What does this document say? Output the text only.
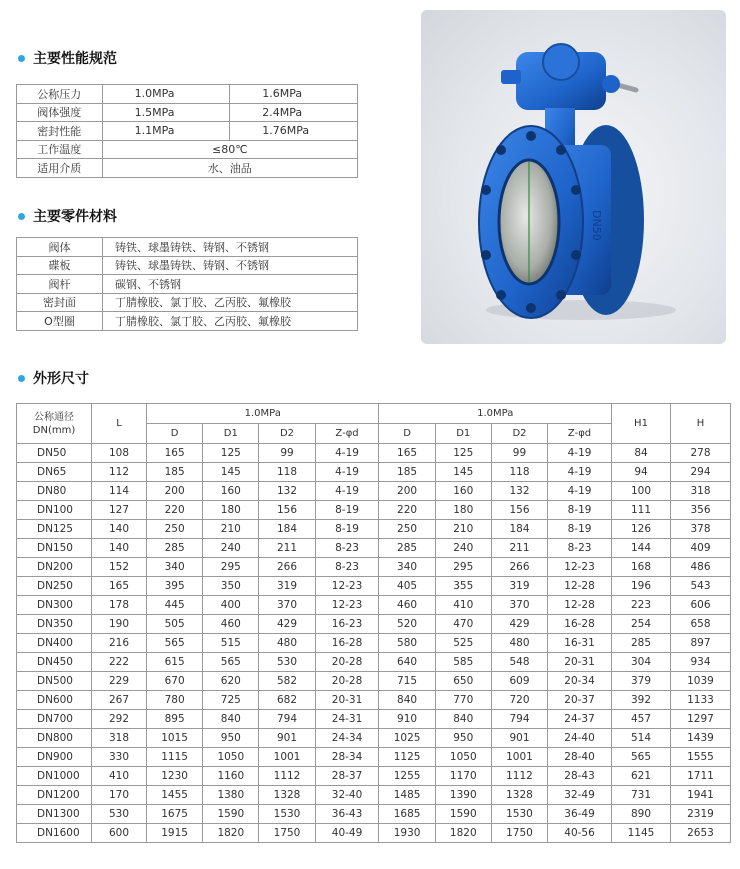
主要性能规范
公称压力	1.0MPa	1.6MPa
阀体强度	1.5MPa	2.4MPa
密封性能	1.1MPa	1.76MPa
工作温度	≤80℃	
适用介质	水、油品	
主要零件材料
阀体	铸铁、球墨铸铁、铸钢、不锈钢
碟板	铸铁、球墨铸铁、铸钢、不锈钢
阀杆	碳钢、不锈钢
密封面	丁腈橡胶、氯丁胶、乙丙胶、氟橡胶
O型圈	丁腈橡胶、氯丁胶、乙丙胶、氟橡胶
DN50
外形尺寸
公称通径
DN(mm)	L	1.0MPa				1.0MPa				H1	H
		D	D1	D2	Z-φd	D	D1	D2	Z-φd		
DN50	108	165	125	99	4-19	165	125	99	4-19	84	278
DN65	112	185	145	118	4-19	185	145	118	4-19	94	294
DN80	114	200	160	132	4-19	200	160	132	4-19	100	318
DN100	127	220	180	156	8-19	220	180	156	8-19	111	356
DN125	140	250	210	184	8-19	250	210	184	8-19	126	378
DN150	140	285	240	211	8-23	285	240	211	8-23	144	409
DN200	152	340	295	266	8-23	340	295	266	12-23	168	486
DN250	165	395	350	319	12-23	405	355	319	12-28	196	543
DN300	178	445	400	370	12-23	460	410	370	12-28	223	606
DN350	190	505	460	429	16-23	520	470	429	16-28	254	658
DN400	216	565	515	480	16-28	580	525	480	16-31	285	897
DN450	222	615	565	530	20-28	640	585	548	20-31	304	934
DN500	229	670	620	582	20-28	715	650	609	20-34	379	1039
DN600	267	780	725	682	20-31	840	770	720	20-37	392	1133
DN700	292	895	840	794	24-31	910	840	794	24-37	457	1297
DN800	318	1015	950	901	24-34	1025	950	901	24-40	514	1439
DN900	330	1115	1050	1001	28-34	1125	1050	1001	28-40	565	1555
DN1000	410	1230	1160	1112	28-37	1255	1170	1112	28-43	621	1711
DN1200	170	1455	1380	1328	32-40	1485	1390	1328	32-49	731	1941
DN1300	530	1675	1590	1530	36-43	1685	1590	1530	36-49	890	2319
DN1600	600	1915	1820	1750	40-49	1930	1820	1750	40-56	1145	2653
